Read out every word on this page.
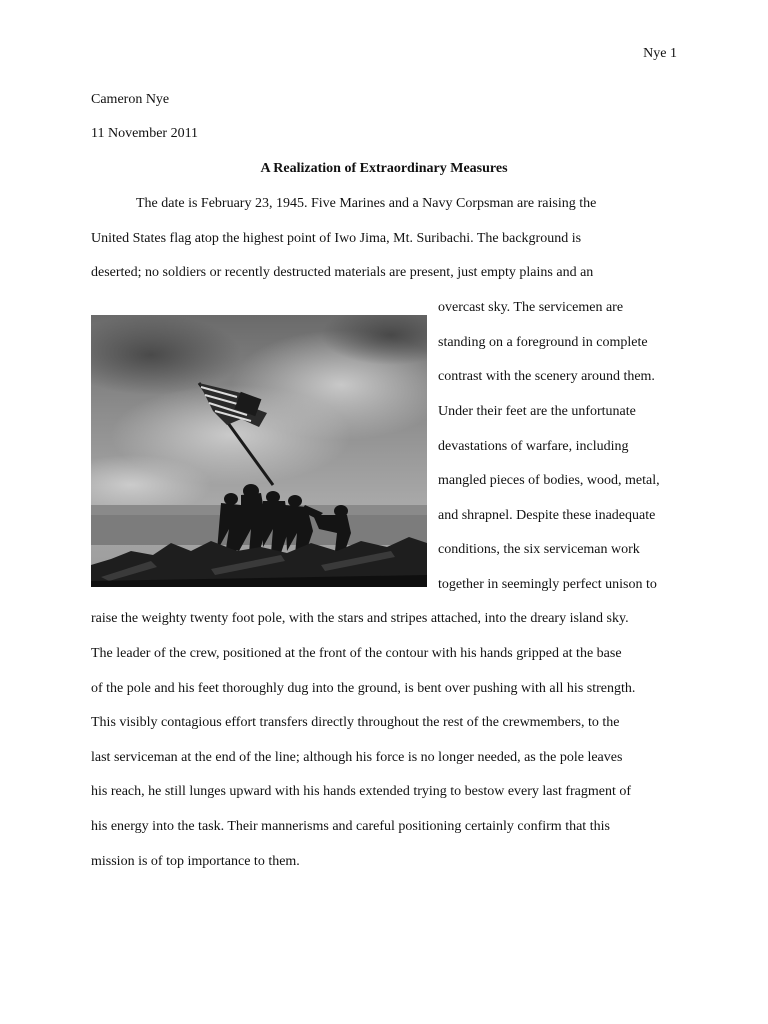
Nye 1
Cameron Nye
11 November 2011
A Realization of Extraordinary Measures
The date is February 23, 1945. Five Marines and a Navy Corpsman are raising the
United States flag atop the highest point of Iwo Jima, Mt. Suribachi. The background is
deserted; no soldiers or recently destructed materials are present, just empty plains and an
overcast sky. The servicemen are
standing on a foreground in complete
contrast with the scenery around them.
Under their feet are the unfortunate
devastations of warfare, including
mangled pieces of bodies, wood, metal,
and shrapnel. Despite these inadequate
conditions, the six serviceman work
together in seemingly perfect unison to
raise the weighty twenty foot pole, with the stars and stripes attached, into the dreary island sky.
The leader of the crew, positioned at the front of the contour with his hands gripped at the base
of the pole and his feet thoroughly dug into the ground, is bent over pushing with all his strength.
This visibly contagious effort transfers directly throughout the rest of the crewmembers, to the
last serviceman at the end of the line; although his force is no longer needed, as the pole leaves
his reach, he still lunges upward with his hands extended trying to bestow every last fragment of
his energy into the task. Their mannerisms and careful positioning certainly confirm that this
mission is of top importance to them.
